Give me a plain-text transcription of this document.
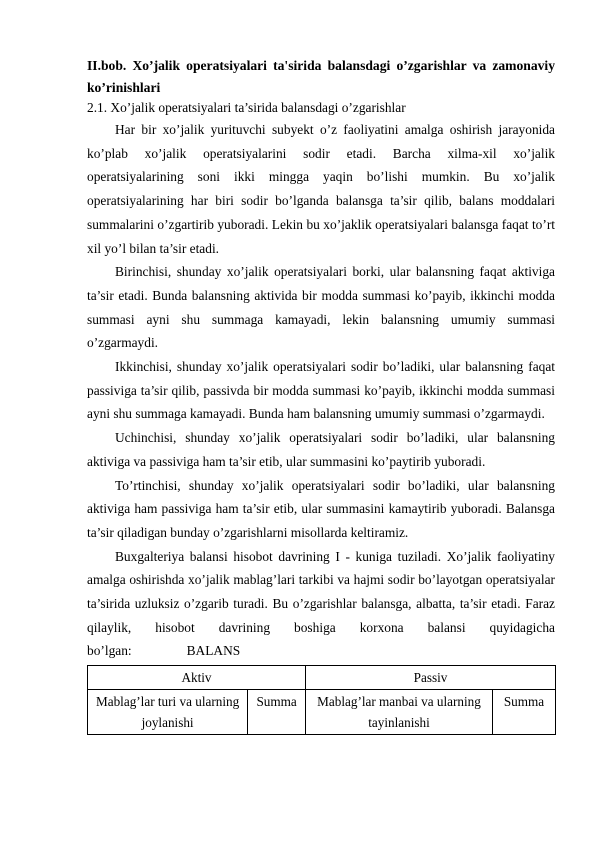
II.bob. Xo’jalik operatsiyalari ta'sirida balansdagi o’zgarishlar va zamonaviy ko’rinishlari

2.1. Xo’jalik operatsiyalari ta’sirida balansdagi o’zgarishlar

Har bir xo’jalik yurituvchi subyekt o’z faoliyatini amalga oshirish jarayonida ko’plab xo’jalik operatsiyalarini sodir etadi. Barcha xilma-xil xo’jalik operatsiyalarining soni ikki mingga yaqin bo’lishi mumkin. Bu xo’jalik operatsiyalarining har biri sodir bo’lganda balansga ta’sir qilib, balans moddalari summalarini o’zgartirib yuboradi. Lekin bu xo’jaklik operatsiyalari balansga faqat to’rt xil yo’l bilan ta’sir etadi.

Birinchisi, shunday xo’jalik operatsiyalari borki, ular balansning faqat aktiviga ta’sir etadi. Bunda balansning aktivida bir modda summasi ko’payib, ikkinchi modda summasi ayni shu summaga kamayadi, lekin balansning umumiy summasi o’zgarmaydi.

Ikkinchisi, shunday xo’jalik operatsiyalari sodir bo’ladiki, ular balansning faqat passiviga ta’sir qilib, passivda bir modda summasi ko’payib, ikkinchi modda summasi ayni shu summaga kamayadi. Bunda ham balansning umumiy summasi o’zgarmaydi.

Uchinchisi, shunday xo’jalik operatsiyalari sodir bo’ladiki, ular balansning aktiviga va passiviga ham ta’sir etib, ular summasini ko’paytirib yuboradi.

To’rtinchisi, shunday xo’jalik operatsiyalari sodir bo’ladiki, ular balansning aktiviga ham passiviga ham ta’sir etib, ular summasini kamaytirib yuboradi. Balansga ta’sir qiladigan bunday o’zgarishlarni misollarda keltiramiz.

Buxgalteriya balansi hisobot davrining I - kuniga tuziladi. Xo’jalik faoliyatiny amalga oshirishda xo’jalik mablag’lari tarkibi va hajmi sodir bo’layotgan operatsiyalar ta’sirida uzluksiz o’zgarib turadi. Bu o’zgarishlar balansga, albatta, ta’sir etadi. Faraz qilaylik, hisobot davrining boshiga korxona balansi quyidagicha bo’lgan:	BALANS

Aktiv		Passiv	
Mablag’lar turi va ularning joylanishi	Summa	Mablag’lar manbai va ularning tayinlanishi	Summa
